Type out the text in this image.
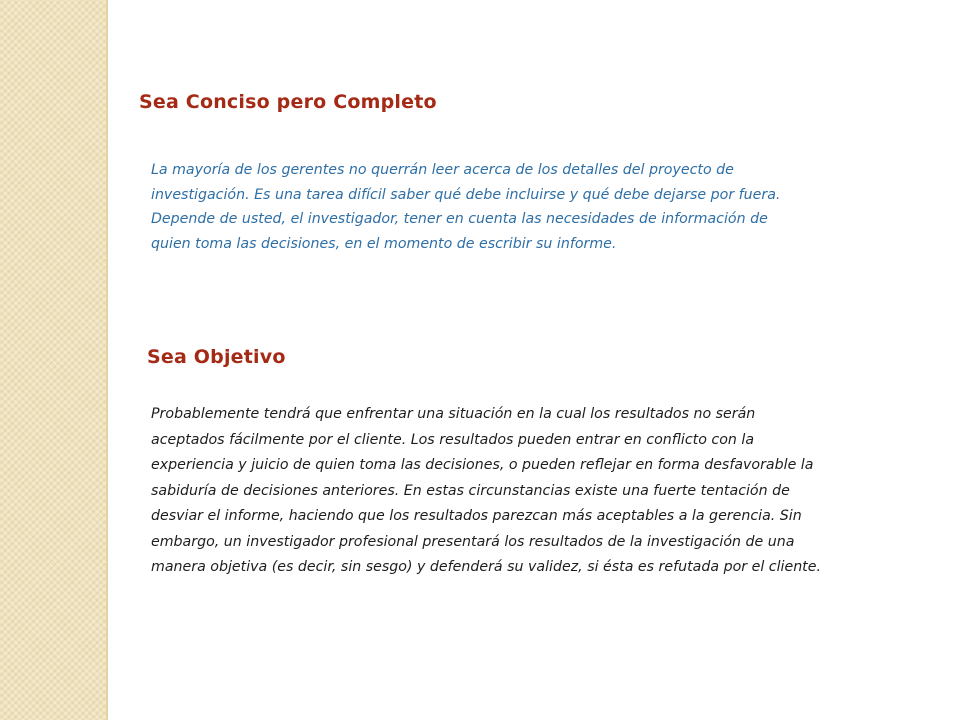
Sea Conciso pero Completo

La mayoría de los gerentes no querrán leer acerca de los detalles del proyecto de
investigación. Es una tarea difícil saber qué debe incluirse y qué debe dejarse por fuera.
Depende de usted, el investigador, tener en cuenta las necesidades de información de
quien toma las decisiones, en el momento de escribir su informe.

Sea Objetivo

Probablemente tendrá que enfrentar una situación en la cual los resultados no serán
aceptados fácilmente por el cliente. Los resultados pueden entrar en conflicto con la
experiencia y juicio de quien toma las decisiones, o pueden reflejar en forma desfavorable la
sabiduría de decisiones anteriores. En estas circunstancias existe una fuerte tentación de
desviar el informe, haciendo que los resultados parezcan más aceptables a la gerencia. Sin
embargo, un investigador profesional presentará los resultados de la investigación de una
manera objetiva (es decir, sin sesgo) y defenderá su validez, si ésta es refutada por el cliente.
